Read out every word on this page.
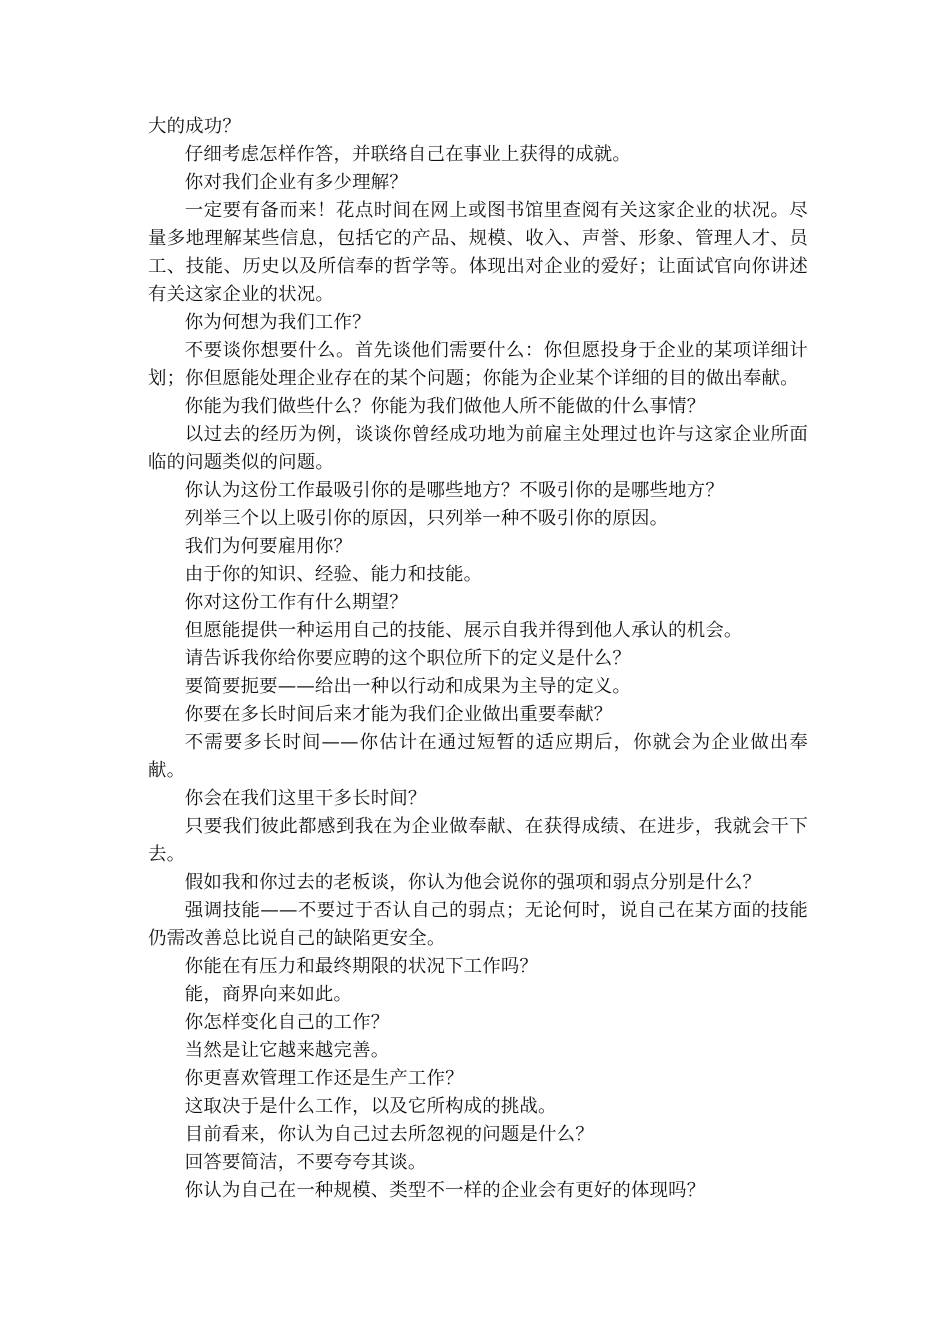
大的成功？

仔细考虑怎样作答，并联络自己在事业上获得的成就。

你对我们企业有多少理解？

一定要有备而来！花点时间在网上或图书馆里查阅有关这家企业的状况。尽量多地理解某些信息，包括它的产品、规模、收入、声誉、形象、管理人才、员工、技能、历史以及所信奉的哲学等。体现出对企业的爱好；让面试官向你讲述有关这家企业的状况。

你为何想为我们工作？

不要谈你想要什么。首先谈他们需要什么：你但愿投身于企业的某项详细计划；你但愿能处理企业存在的某个问题；你能为企业某个详细的目的做出奉献。

你能为我们做些什么？你能为我们做他人所不能做的什么事情？

以过去的经历为例，谈谈你曾经成功地为前雇主处理过也许与这家企业所面临的问题类似的问题。

你认为这份工作最吸引你的是哪些地方？不吸引你的是哪些地方？

列举三个以上吸引你的原因，只列举一种不吸引你的原因。

我们为何要雇用你？

由于你的知识、经验、能力和技能。

你对这份工作有什么期望？

但愿能提供一种运用自己的技能、展示自我并得到他人承认的机会。

请告诉我你给你要应聘的这个职位所下的定义是什么？

要简要扼要——给出一种以行动和成果为主导的定义。

你要在多长时间后来才能为我们企业做出重要奉献？

不需要多长时间——你估计在通过短暂的适应期后，你就会为企业做出奉献。

你会在我们这里干多长时间？

只要我们彼此都感到我在为企业做奉献、在获得成绩、在进步，我就会干下去。

假如我和你过去的老板谈，你认为他会说你的强项和弱点分别是什么？

强调技能——不要过于否认自己的弱点；无论何时，说自己在某方面的技能仍需改善总比说自己的缺陷更安全。

你能在有压力和最终期限的状况下工作吗？

能，商界向来如此。

你怎样变化自己的工作？

当然是让它越来越完善。

你更喜欢管理工作还是生产工作？

这取决于是什么工作，以及它所构成的挑战。

目前看来，你认为自己过去所忽视的问题是什么？

回答要简洁，不要夸夸其谈。

你认为自己在一种规模、类型不一样的企业会有更好的体现吗？
